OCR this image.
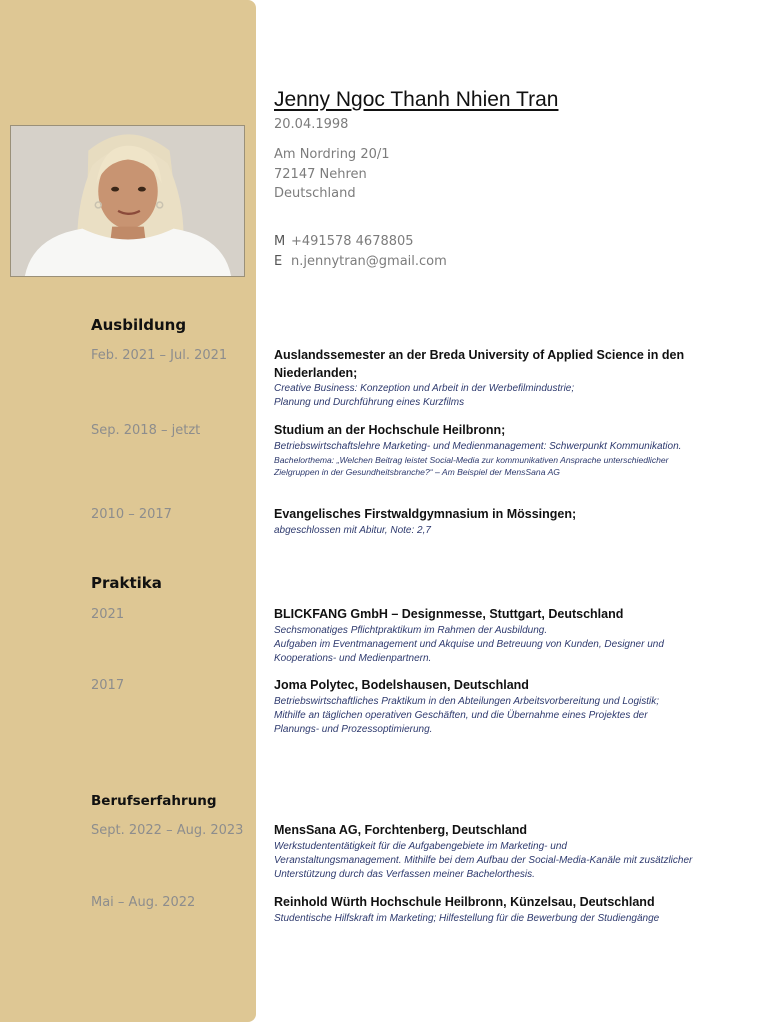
Jenny Ngoc Thanh Nhien Tran
20.04.1998
Am Nordring 20/1
72147 Nehren
Deutschland
M +491578 4678805
E n.jennytran@gmail.com
Ausbildung
Feb. 2021 – Jul. 2021	Auslandssemester an der Breda University of Applied Science in den Niederlanden;
Creative Business: Konzeption und Arbeit in der Werbefilmindustrie;
Planung und Durchführung eines Kurzfilms
Sep. 2018 – jetzt	Studium an der Hochschule Heilbronn;
Betriebswirtschaftslehre Marketing- und Medienmanagement: Schwerpunkt Kommunikation.
Bachelorthema: „Welchen Beitrag leistet Social-Media zur kommunikativen Ansprache unterschiedlicher Zielgruppen in der Gesundheitsbranche?“ – Am Beispiel der MensSana AG
2010 – 2017	Evangelisches Firstwaldgymnasium in Mössingen;
abgeschlossen mit Abitur, Note: 2,7
Praktika
2021	BLICKFANG GmbH – Designmesse, Stuttgart, Deutschland
Sechsmonatiges Pflichtpraktikum im Rahmen der Ausbildung.
Aufgaben im Eventmanagement und Akquise und Betreuung von Kunden, Designer und Kooperations- und Medienpartnern.
2017	Joma Polytec, Bodelshausen, Deutschland
Betriebswirtschaftliches Praktikum in den Abteilungen Arbeitsvorbereitung und Logistik;
Mithilfe an täglichen operativen Geschäften, und die Übernahme eines Projektes der Planungs- und Prozessoptimierung.
Berufserfahrung
Sept. 2022 – Aug. 2023 MensSana AG, Forchtenberg, Deutschland
Werkstudententätigkeit für die Aufgabengebiete im Marketing- und Veranstaltungsmanagement. Mithilfe bei dem Aufbau der Social-Media-Kanäle mit zusätzlicher Unterstützung durch das Verfassen meiner Bachelorthesis.
Mai – Aug. 2022	Reinhold Würth Hochschule Heilbronn, Künzelsau, Deutschland
Studentische Hilfskraft im Marketing; Hilfestellung für die Bewerbung der Studiengänge
